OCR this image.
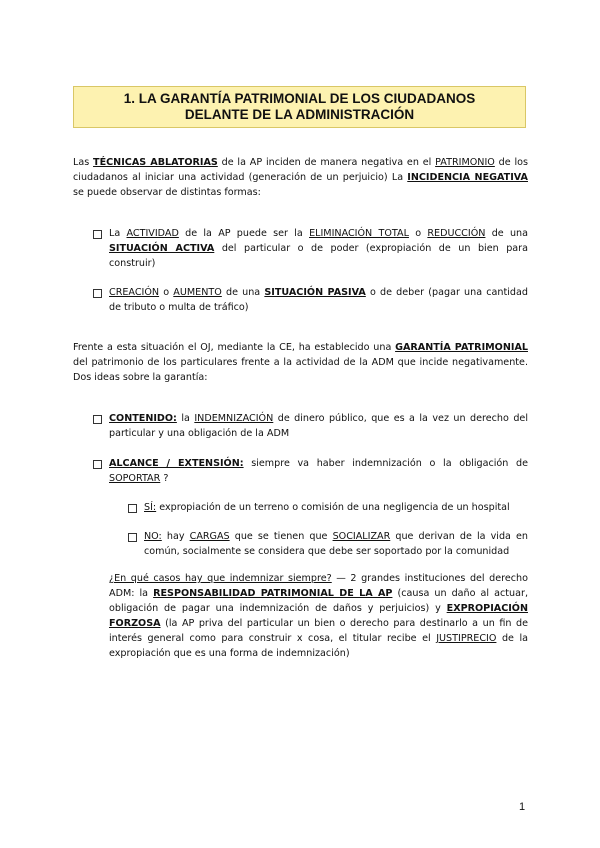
1. LA GARANTÍA PATRIMONIAL DE LOS CIUDADANOS
DELANTE DE LA ADMINISTRACIÓN
Las TÉCNICAS ABLATORIAS de la AP inciden de manera negativa en el PATRIMONIO de los ciudadanos al iniciar una actividad (generación de un perjuicio) La INCIDENCIA NEGATIVA se puede observar de distintas formas:
La ACTIVIDAD de la AP puede ser la ELIMINACIÓN TOTAL o REDUCCIÓN de una SITUACIÓN ACTIVA del particular o de poder (expropiación de un bien para construir)
CREACIÓN o AUMENTO de una SITUACIÓN PASIVA o de deber (pagar una cantidad de tributo o multa de tráfico)
Frente a esta situación el OJ, mediante la CE, ha establecido una GARANTÍA PATRIMONIAL del patrimonio de los particulares frente a la actividad de la ADM que incide negativamente. Dos ideas sobre la garantía:
CONTENIDO: la INDEMNIZACIÓN de dinero público, que es a la vez un derecho del particular y una obligación de la ADM
ALCANCE / EXTENSIÓN: siempre va haber indemnización o la obligación de SOPORTAR ?
SÍ: expropiación de un terreno o comisión de una negligencia de un hospital
NO: hay CARGAS que se tienen que SOCIALIZAR que derivan de la vida en común, socialmente se considera que debe ser soportado por la comunidad
¿En qué casos hay que indemnizar siempre? — 2 grandes instituciones del derecho ADM: la RESPONSABILIDAD PATRIMONIAL DE LA AP (causa un daño al actuar, obligación de pagar una indemnización de daños y perjuicios) y EXPROPIACIÓN FORZOSA (la AP priva del particular un bien o derecho para destinarlo a un fin de interés general como para construir x cosa, el titular recibe el JUSTIPRECIO de la expropiación que es una forma de indemnización)
1
